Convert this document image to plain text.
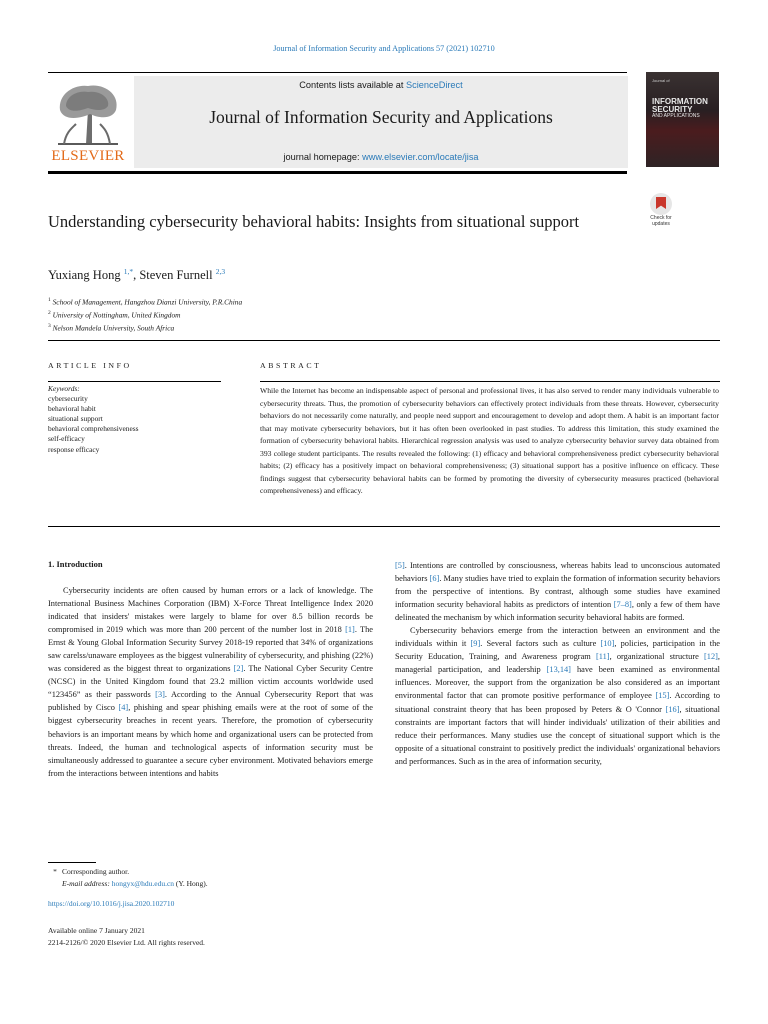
Journal of Information Security and Applications 57 (2021) 102710
ELSEVIER
Contents lists available at ScienceDirect
Journal of Information Security and Applications
journal homepage: www.elsevier.com/locate/jisa
Journal of
INFORMATION
SECURITY
AND APPLICATIONS
Understanding cybersecurity behavioral habits: Insights from situational support	Check for
updates
Yuxiang Hong $^{1,*}$, Steven Furnell $^{2,3}$
$^1$ School of Management, Hangzhou Dianzi University, P.R.China
$^2$ University of Nottingham, United Kingdom
$^3$ Nelson Mandela University, South Africa
ARTICLE INFO	ABSTRACT
Keywords:
cybersecurity
behavioral habit
situational support
behavioral comprehensiveness
self-efficacy
response efficacy
While the Internet has become an indispensable aspect of personal and professional lives, it has also served to render many individuals vulnerable to cybersecurity threats. Thus, the promotion of cybersecurity behaviors can effectively protect individuals from these threats. However, cybersecurity behaviors do not necessarily come naturally, and people need support and encouragement to develop and adopt them. A habit is an important factor that may motivate cybersecurity behaviors, but it has often been overlooked in past studies. To address this limitation, this study examined the formation of cybersecurity behavioral habits. Hierarchical regression analysis was used to analyze cybersecurity behavior survey data obtained from 393 college student participants. The results revealed the following: (1) efficacy and behavioral comprehensiveness predict cybersecurity behavioral habits; (2) efficacy has a positively impact on behavioral comprehensiveness; (3) situational support has a positive influence on efficacy. These findings suggest that cybersecurity behavioral habits can be formed by promoting the diversity of cybersecurity measures practiced (behavioral comprehensiveness) and efficacy.
1. Introduction

Cybersecurity incidents are often caused by human errors or a lack of knowledge. The International Business Machines Corporation (IBM) X-Force Threat Intelligence Index 2020 indicated that insiders' mistakes were largely to blame for over 8.5 billion records be compromised in 2019 which was more than 200 percent of the number lost in 2018 [1]. The Ernst & Young Global Information Security Survey 2018-19 reported that 34% of organizations saw carelss/unaware employees as the biggest vulnerability of cybersecurity, and phishing (22%) was considered as the biggest threat to organizations [2]. The National Cyber Security Centre (NCSC) in the United Kingdom found that 23.2 million victim accounts worldwide used “123456” as their passwords [3]. According to the Annual Cybersecurity Report that was published by Cisco [4], phishing and spear phishing emails were at the root of some of the biggest cybersecurity breaches in recent years. Therefore, the promotion of cybersecurity behaviors is an important means by which home and organizational users can be protected from threats. Indeed, the human and technological aspects of information security must be simultaneously addressed to guarantee a secure cyber environment. Motivated behaviors emerge from the interactions between intentions and habits

[5]. Intentions are controlled by consciousness, whereas habits lead to unconscious automated behaviors [6]. Many studies have tried to explain the formation of information security behaviors from the perspective of intentions. By contrast, although some studies have examined information security behavioral habits as predictors of intention [7–8], only a few of them have delineated the mechanism by which information security behavioral habits are formed.

Cybersecurity behaviors emerge from the interaction between an environment and the individuals within it [9]. Several factors such as culture [10], policies, participation in the Security Education, Training, and Awareness program [11], organizational structure [12], managerial participation, and leadership [13,14] have been examined as environmental influences. Moreover, the support from the organization be also considered as an important environmental factor that can promote positive performance of employee [15]. According to situational constraint theory that has been proposed by Peters & O 'Connor [16], situational constraints are important factors that will hinder individuals' utilization of their abilities and reduce their performances. Many studies use the concept of situational support which is the opposite of a situational constraint to positively predict the individuals' organizational behaviors and performances. Such as in the area of information security,

* Corresponding author.
E-mail address: hongyx@hdu.edu.cn (Y. Hong).
https://doi.org/10.1016/j.jisa.2020.102710
Available online 7 January 2021
2214-2126/© 2020 Elsevier Ltd. All rights reserved.
